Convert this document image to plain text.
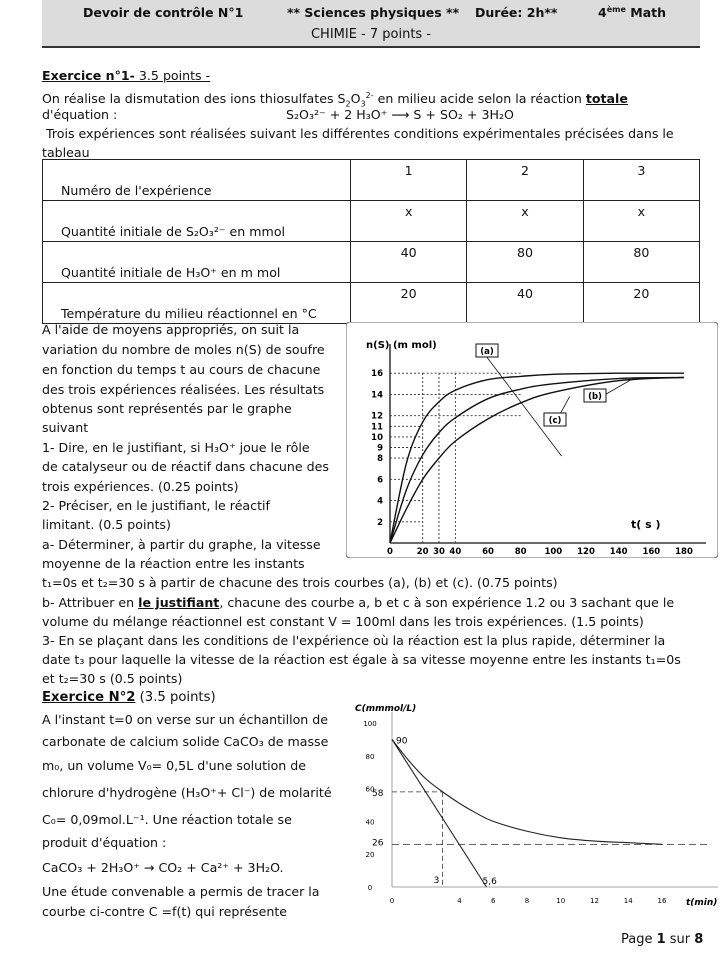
Devoir de contrôle N°1	** Sciences physiques ** Durée: 2h**	4ème Math
CHIMIE - 7 points -
Exercice n°1- 3.5 points -
On réalise la dismutation des ions thiosulfates $S_2O_3^{2-}$ en milieu acide selon la réaction totale
d'équation :	S₂O₃²⁻ + 2 H₃O⁺ ⟶ S + SO₂ + 3H₂O
Trois expériences sont réalisées suivant les différentes conditions expérimentales précisées dans le
tableau
Numéro de l'expérience	1	2	3
Quantité initiale de S₂O₃²⁻ en mmol	x	x	x
Quantité initiale de H₃O⁺ en m mol	40	80	80
Température du milieu réactionnel en °C	20	40	20
A l'aide de moyens appropriés, on suit la
variation du nombre de moles n(S) de soufre
en fonction du temps t au cours de chacune
des trois expériences réalisées. Les résultats
obtenus sont représentés par le graphe
suivant
1- Dire, en le justifiant, si H₃O⁺ joue le rôle
de catalyseur ou de réactif dans chacune des
trois expériences. (0.25 points)
2- Préciser, en le justifiant, le réactif
limitant. (0.5 points)
a- Déterminer, à partir du graphe, la vitesse
moyenne de la réaction entre les instants
t₁=0s et t₂=30 s à partir de chacune des trois courbes (a), (b) et (c). (0.75 points)
b- Attribuer en le justifiant, chacune des courbe a, b et c à son expérience 1.2 ou 3 sachant que le
volume du mélange réactionnel est constant V = 100ml dans les trois expériences. (1.5 points)
3- En se plaçant dans les conditions de l'expérience où la réaction est la plus rapide, déterminer la
date t₃ pour laquelle la vitesse de la réaction est égale à sa vitesse moyenne entre les instants t₁=0s
et t₂=30 s (0.5 points)
n(S) (m mol)
t( s )
0	20 30 40 60 80 100 120 140 160 180
2
4
6
8
9
10
11
12
14
16
(a)
(b)
(c)
Exercice N°2 (3.5 points)
A l'instant t=0 on verse sur un échantillon de
carbonate de calcium solide CaCO₃ de masse
m₀, un volume V₀= 0,5L d'une solution de
chlorure d'hydrogène (H₃O⁺+ Cl⁻) de molarité
C₀= 0,09mol.L⁻¹. Une réaction totale se
produit d'équation :
CaCO₃ + 2H₃O⁺ → CO₂ + Ca²⁺ + 3H₂O.
Une étude convenable a permis de tracer la
courbe ci-contre C =f(t) qui représente
C(mmmol/L)
t(min)
0	4	6	8	10	12	14	16
0
20
40
60
80
100
90
58
26
3	5,6
Page 1 sur 8
